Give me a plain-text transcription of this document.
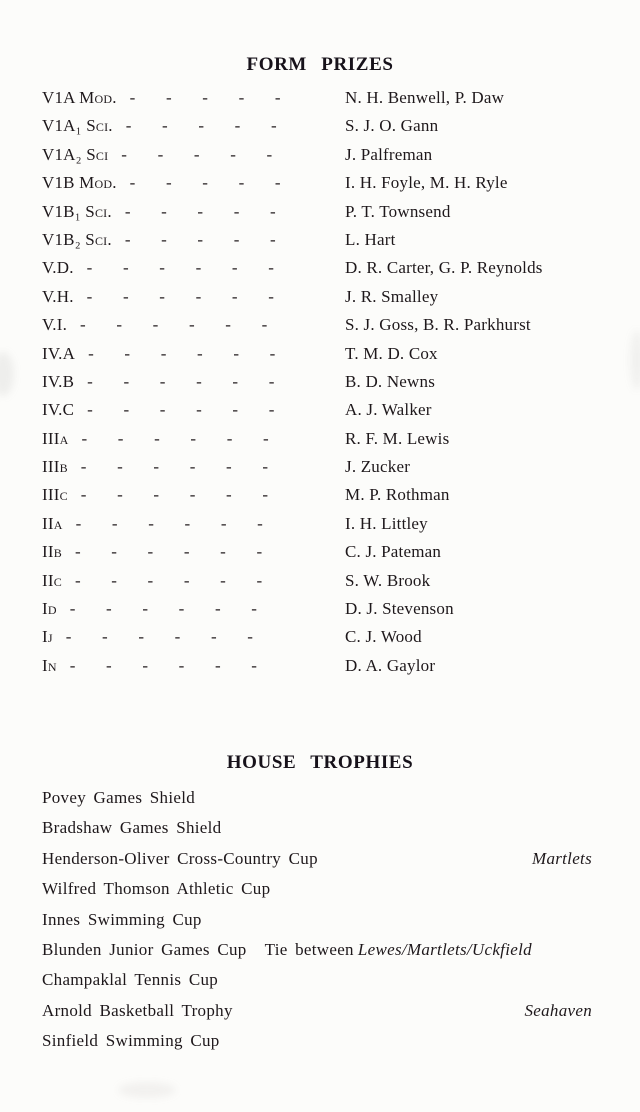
FORM PRIZES
V1A Mod. - - - - -	N. H. Benwell, P. Daw
V1A₁ Sci. - - - - -	S. J. O. Gann
V1A₂ Sci - - - - -	J. Palfreman
V1B Mod. - - - - -	I. H. Foyle, M. H. Ryle
V1B₁ Sci. - - - - -	P. T. Townsend
V1B₂ Sci. - - - - -	L. Hart
V.D. - - - - - -	D. R. Carter, G. P. Reynolds
V.H. - - - - - -	J. R. Smalley
V.I. - - - - - -	S. J. Goss, B. R. Parkhurst
IV.A - - - - - -	T. M. D. Cox
IV.B - - - - - -	B. D. Newns
IV.C - - - - - -	A. J. Walker
IIIa - - - - - -	R. F. M. Lewis
IIIb - - - - - -	J. Zucker
IIIc - - - - - -	M. P. Rothman
IIa - - - - - -	I. H. Littley
IIb - - - - - -	C. J. Pateman
IIc - - - - - -	S. W. Brook
Id - - - - - -	D. J. Stevenson
Ij - - - - - -	C. J. Wood
In - - - - - -	D. A. Gaylor
HOUSE TROPHIES
Povey Games Shield
Bradshaw Games Shield
Henderson-Oliver Cross-Country Cup	Martlets
Wilfred Thomson Athletic Cup
Innes Swimming Cup
Blunden Junior Games Cup Tie between Lewes/Martlets/Uckfield
Champaklal Tennis Cup
Arnold Basketball Trophy	Seahaven
Sinfield Swimming Cup
